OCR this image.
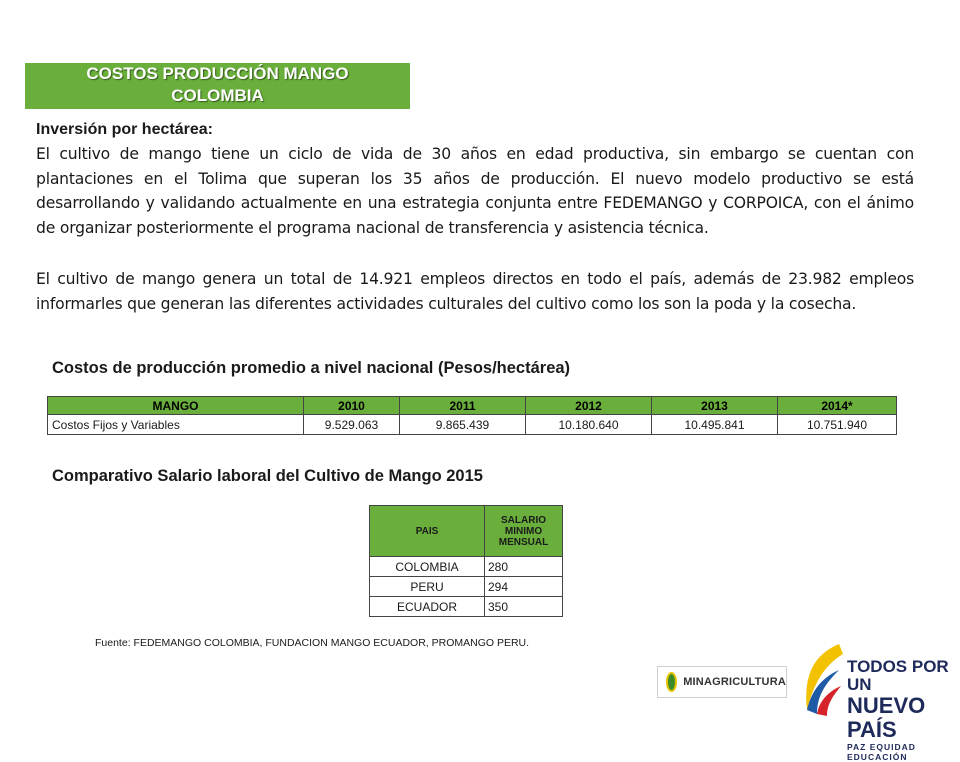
COSTOS PRODUCCIÓN MANGO
COLOMBIA
Inversión por hectárea:
El cultivo de mango tiene un ciclo de vida de 30 años en edad productiva, sin embargo se cuentan con plantaciones en el Tolima que superan los 35 años de producción. El nuevo modelo productivo se está desarrollando y validando actualmente en una estrategia conjunta entre FEDEMANGO y CORPOICA, con el ánimo de organizar posteriormente el programa nacional de transferencia y asistencia técnica.
El cultivo de mango genera un total de 14.921 empleos directos en todo el país, además de 23.982 empleos informarles que generan las diferentes actividades culturales del cultivo como los son la poda y la cosecha.
Costos de producción promedio a nivel nacional (Pesos/hectárea)
MANGO	2010	2011	2012	2013	2014*
Costos Fijos y Variables	9.529.063	9.865.439	10.180.640	10.495.841	10.751.940
Comparativo Salario laboral del Cultivo de Mango 2015
PAIS	SALARIO MINIMO MENSUAL
COLOMBIA	280
PERU	294
ECUADOR	350
Fuente: FEDEMANGO COLOMBIA, FUNDACION MANGO ECUADOR, PROMANGO PERU.
MINAGRICULTURA
TODOS POR UN
NUEVO PAÍS
PAZ EQUIDAD EDUCACIÓN
